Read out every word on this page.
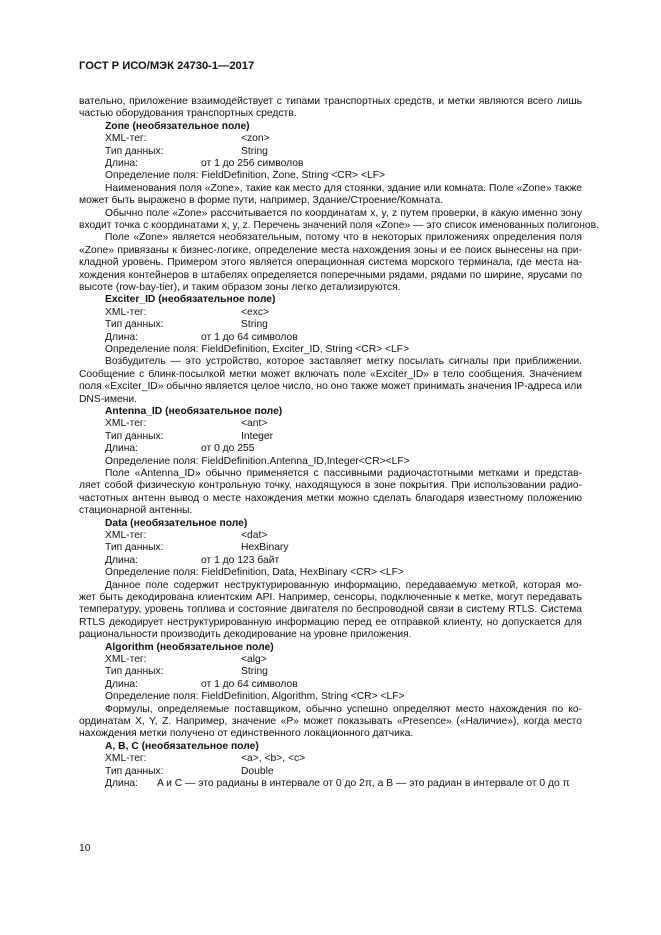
ГОСТ Р ИСО/МЭК 24730-1—2017
вательно, приложение взаимодействует с типами транспортных средств, и метки являются всего лишь
частью оборудования транспортных средств.
Zone (необязательное поле)
XML-тег:	<zon>
Тип данных:	String
Длина:	от 1 до 256 символов
Определение поля: FieldDefinition, Zone, String <CR> <LF>
Наименования поля «Zone», такие как место для стоянки, здание или комната. Поле «Zone» также
может быть выражено в форме пути, например, Здание/Строение/Комната.
Обычно поле «Zone» рассчитывается по координатам x, y, z путем проверки, в какую именно зону
входит точка с координатами x, y, z. Перечень значений поля «Zone» — это список именованных полигонов.
Поле «Zone» является необязательным, потому что в некоторых приложениях определения поля
«Zone» привязаны к бизнес-логике, определение места нахождения зоны и ее поиск вынесены на при-
кладной уровень. Примером этого является операционная система морского терминала, где места на-
хождения контейнеров в штабелях определяется поперечными рядами, рядами по ширине, ярусами по
высоте (row-bay-tier), и таким образом зоны легко детализируются.
Exciter_ID (необязательное поле)
XML-тег:	<exc>
Тип данных:	String
Длина:	от 1 до 64 символов
Определение поля: FieldDefinition, Exciter_ID, String <CR> <LF>
Возбудитель — это устройство, которое заставляет метку посылать сигналы при приближении.
Сообщение с блинк-посылкой метки может включать поле «Exciter_ID» в тело сообщения. Значением
поля «Exciter_ID» обычно является целое число, но оно также может принимать значения IP-адреса или
DNS-имени.
Antenna_ID (необязательное поле)
XML-тег:	<ant>
Тип данных:	Integer
Длина:	от 0 до 255
Определение поля: FieldDefinition.Antenna_ID,Integer<CR><LF>
Поле «Antenna_ID» обычно применяется с пассивными радиочастотными метками и представ-
ляет собой физическую контрольную точку, находящуюся в зоне покрытия. При использовании радио-
частотных антенн вывод о месте нахождения метки можно сделать благодаря известному положению
стационарной антенны.
Data (необязательное поле)
XML-тег:	<dat>
Тип данных:	HexBinary
Длина:	от 1 до 123 байт
Определение поля: FieldDefinition, Data, HexBinary <CR> <LF>
Данное поле содержит неструктурированную информацию, передаваемую меткой, которая мо-
жет быть декодирована клиентским API. Например, сенсоры, подключенные к метке, могут передавать
температуру, уровень топлива и состояние двигателя по беспроводной связи в систему RTLS. Система
RTLS декодирует неструктурированную информацию перед ее отправкой клиенту, но допускается для
рациональности производить декодирование на уровне приложения.
Algorithm (необязательное поле)
XML-тег:	<alg>
Тип данных:	String
Длина:	от 1 до 64 символов
Определение поля: FieldDefinition, Algorithm, String <CR> <LF>
Формулы, определяемые поставщиком, обычно успешно определяют место нахождения по ко-
ординатам X, Y, Z. Например, значение «P» может показывать «Presence» («Наличие»), когда место
нахождения метки получено от единственного локационного датчика.
A, B, C (необязательное поле)
XML-тег:	<a>, <b>, <c>
Тип данных:	Double
Длина: A и C — это радианы в интервале от 0 до 2π, а B — это радиан в интервале от 0 до π
10
